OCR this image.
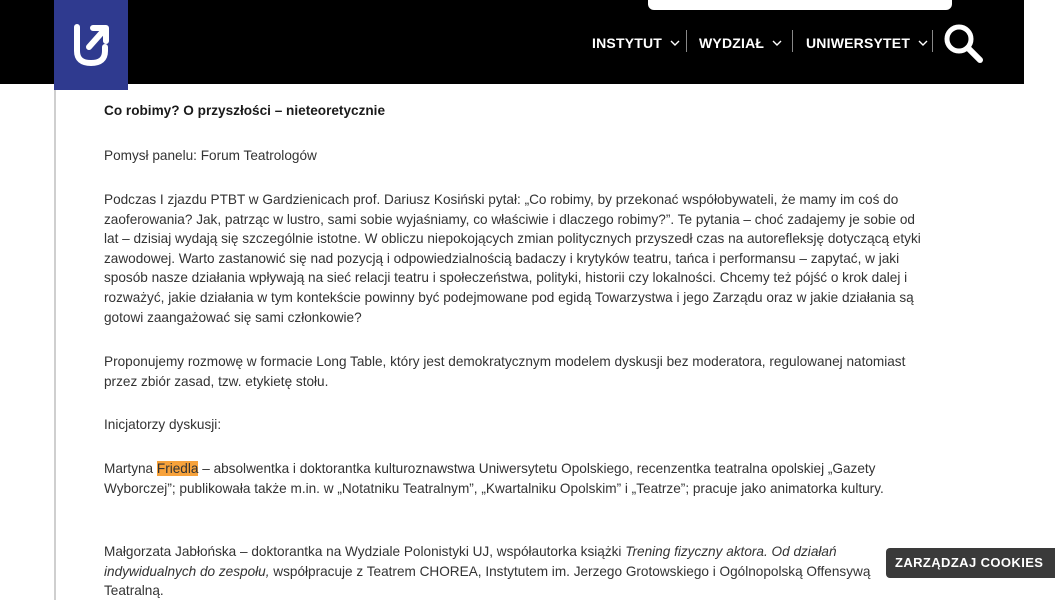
INSTYTUT	WYDZIAŁ	UNIWERSYTET

Co robimy? O przyszłości – nieteoretycznie

Pomysł panelu: Forum Teatrologów

Podczas I zjazdu PTBT w Gardzienicach prof. Dariusz Kosiński pytał: „Co robimy, by przekonać współobywateli, że mamy im coś do zaoferowania? Jak, patrząc w lustro, sami sobie wyjaśniamy, co właściwie i dlaczego robimy?”. Te pytania – choć zadajemy je sobie od lat – dzisiaj wydają się szczególnie istotne. W obliczu niepokojących zmian politycznych przyszedł czas na autorefleksję dotyczącą etyki zawodowej. Warto zastanowić się nad pozycją i odpowiedzialnością badaczy i krytyków teatru, tańca i performansu – zapytać, w jaki sposób nasze działania wpływają na sieć relacji teatru i społeczeństwa, polityki, historii czy lokalności. Chcemy też pójść o krok dalej i rozważyć, jakie działania w tym kontekście powinny być podejmowane pod egidą Towarzystwa i jego Zarządu oraz w jakie działania są gotowi zaangażować się sami członkowie?

Proponujemy rozmowę w formacie Long Table, który jest demokratycznym modelem dyskusji bez moderatora, regulowanej natomiast przez zbiór zasad, tzw. etykietę stołu.

Inicjatorzy dyskusji:

Martyna Friedla – absolwentka i doktorantka kulturoznawstwa Uniwersytetu Opolskiego, recenzentka teatralna opolskiej „Gazety Wyborczej”; publikowała także m.in. w „Notatniku Teatralnym”, „Kwartalniku Opolskim” i „Teatrze”; pracuje jako animatorka kultury.

Małgorzata Jabłońska – doktorantka na Wydziale Polonistyki UJ, współautorka książki Trening fizyczny aktora. Od działań indywidualnych do zespołu, współpracuje z Teatrem CHOREA, Instytutem im. Jerzego Grotowskiego i Ogólnopolską Offensywą Teatralną.

ZARZĄDZAJ COOKIES
